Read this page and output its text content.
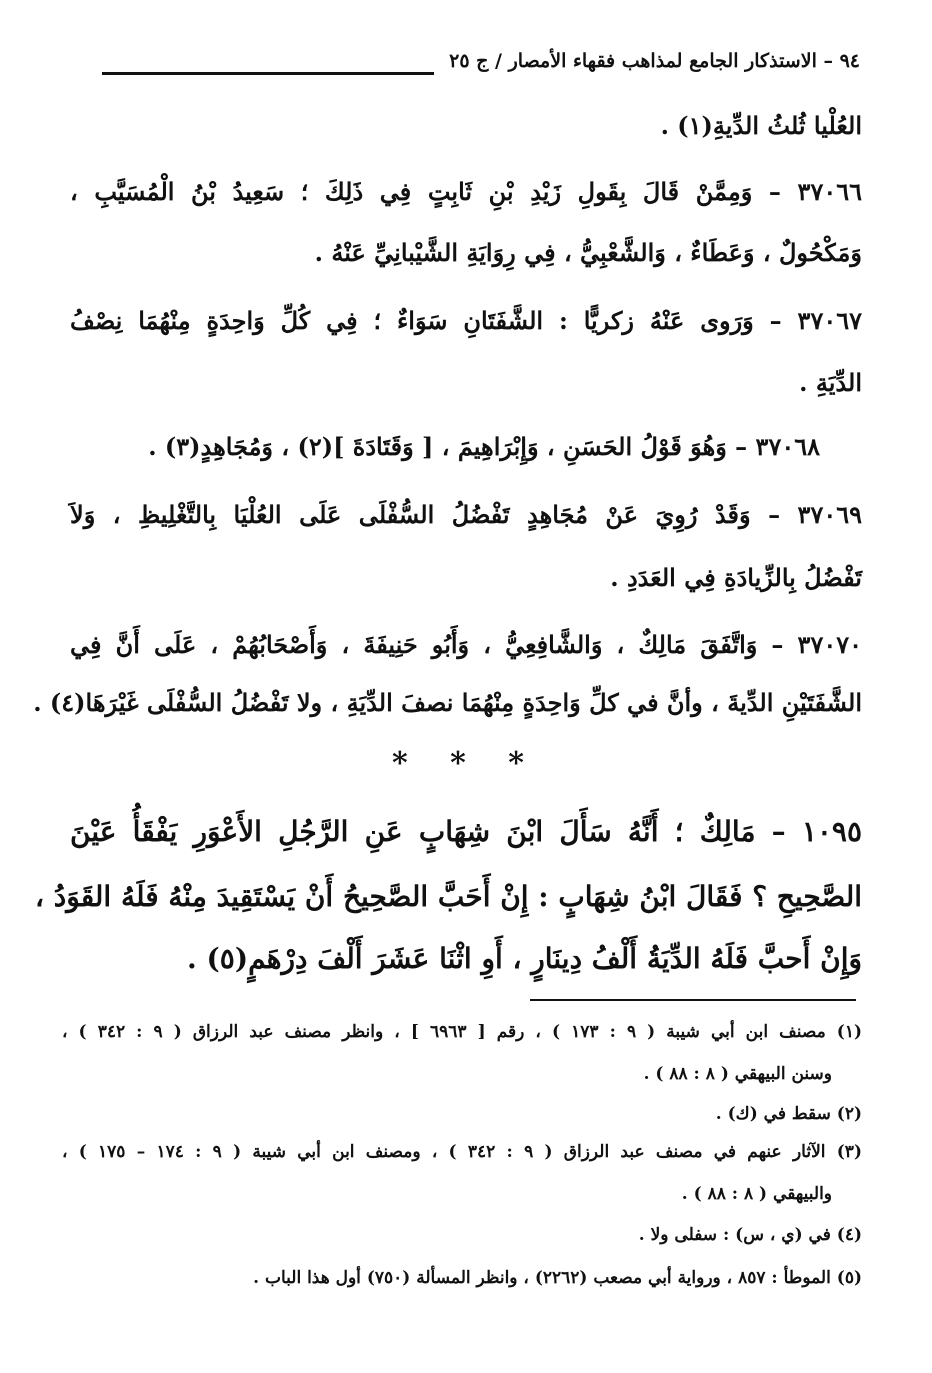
٩٤ – الاستذكار الجامع لمذاهب فقهاء الأمصار / ج ٢٥
العُلْيا ثُلثُ الدِّيةِ(١) .
٣٧٠٦٦ – وَمِمَّنْ قَالَ بِقَولِ زَيْدِ بْنِ ثَابِتٍ فِي ذَلِكَ ؛ سَعِيدُ بْنُ الْمُسَيَّبِ ،
وَمَكْحُولٌ ، وَعَطَاءٌ ، وَالشَّعْبِيُّ ، فِي رِوَايَةِ الشَّيْبانِيِّ عَنْهُ .
٣٧٠٦٧ – وَرَوى عَنْهُ زكريًّا : الشَّفَتَانِ سَوَاءٌ ؛ فِي كُلِّ وَاحِدَةٍ مِنْهُمَا نِصْفُ
الدِّيَةِ .
٣٧٠٦٨ – وَهُوَ قَوْلُ الحَسَنِ ، وَإِبْرَاهِيمَ ، [ وَقَتَادَةَ ](٢) ، وَمُجَاهِدٍ(٣) .
٣٧٠٦٩ – وَقَدْ رُوِيَ عَنْ مُجَاهِدٍ تَفْضُلُ السُّفْلَى عَلَى العُلْيَا بِالتَّغْلِيظِ ، وَلاَ
تَفْضُلُ بِالزِّيادَةِ فِي العَدَدِ .
٣٧٠٧٠ – وَاتَّفَقَ مَالِكٌ ، وَالشَّافِعِيُّ ، وَأَبُو حَنِيفَةَ ، وَأَصْحَابُهُمْ ، عَلَى أَنَّ فِي
الشَّفَتَيْنِ الدِّيةَ ، وأنَّ في كلِّ وَاحِدَةٍ مِنْهُمَا نصفَ الدِّيَةِ ، ولا تَفْضُلُ السُّفْلَى غَيْرَهَا(٤) .
* * *
١٠٩٥ – مَالِكٌ ؛ أَنَّهُ سَأَلَ ابْنَ شِهَابٍ عَنِ الرَّجُلِ الأَعْوَرِ يَفْقَأُ عَيْنَ
الصَّحِيحِ ؟ فَقَالَ ابْنُ شِهَابٍ : إِنْ أَحَبَّ الصَّحِيحُ أَنْ يَسْتَقِيدَ مِنْهُ فَلَهُ القَوَدُ ،
وَإِنْ أَحبَّ فَلَهُ الدِّيَةُ أَلْفُ دِينَارٍ ، أَوِ اثْنَا عَشَرَ أَلْفَ دِرْهَمٍ(٥) .
(١) مصنف ابن أبي شيبة ( ٩ : ١٧٣ ) ، رقم [ ٦٩٦٣ ] ، وانظر مصنف عبد الرزاق ( ٩ : ٣٤٢ ) ،
وسنن البيهقي ( ٨ : ٨٨ ) .
(٢) سقط في (ك) .
(٣) الآثار عنهم في مصنف عبد الرزاق ( ٩ : ٣٤٢ ) ، ومصنف ابن أبي شيبة ( ٩ : ١٧٤ – ١٧٥ ) ،
والبيهقي ( ٨ : ٨٨ ) .
(٤) في (ي ، س) : سفلى ولا .
(٥) الموطأ : ٨٥٧ ، ورواية أبي مصعب (٢٢٦٢) ، وانظر المسألة (٧٥٠) أول هذا الباب .
